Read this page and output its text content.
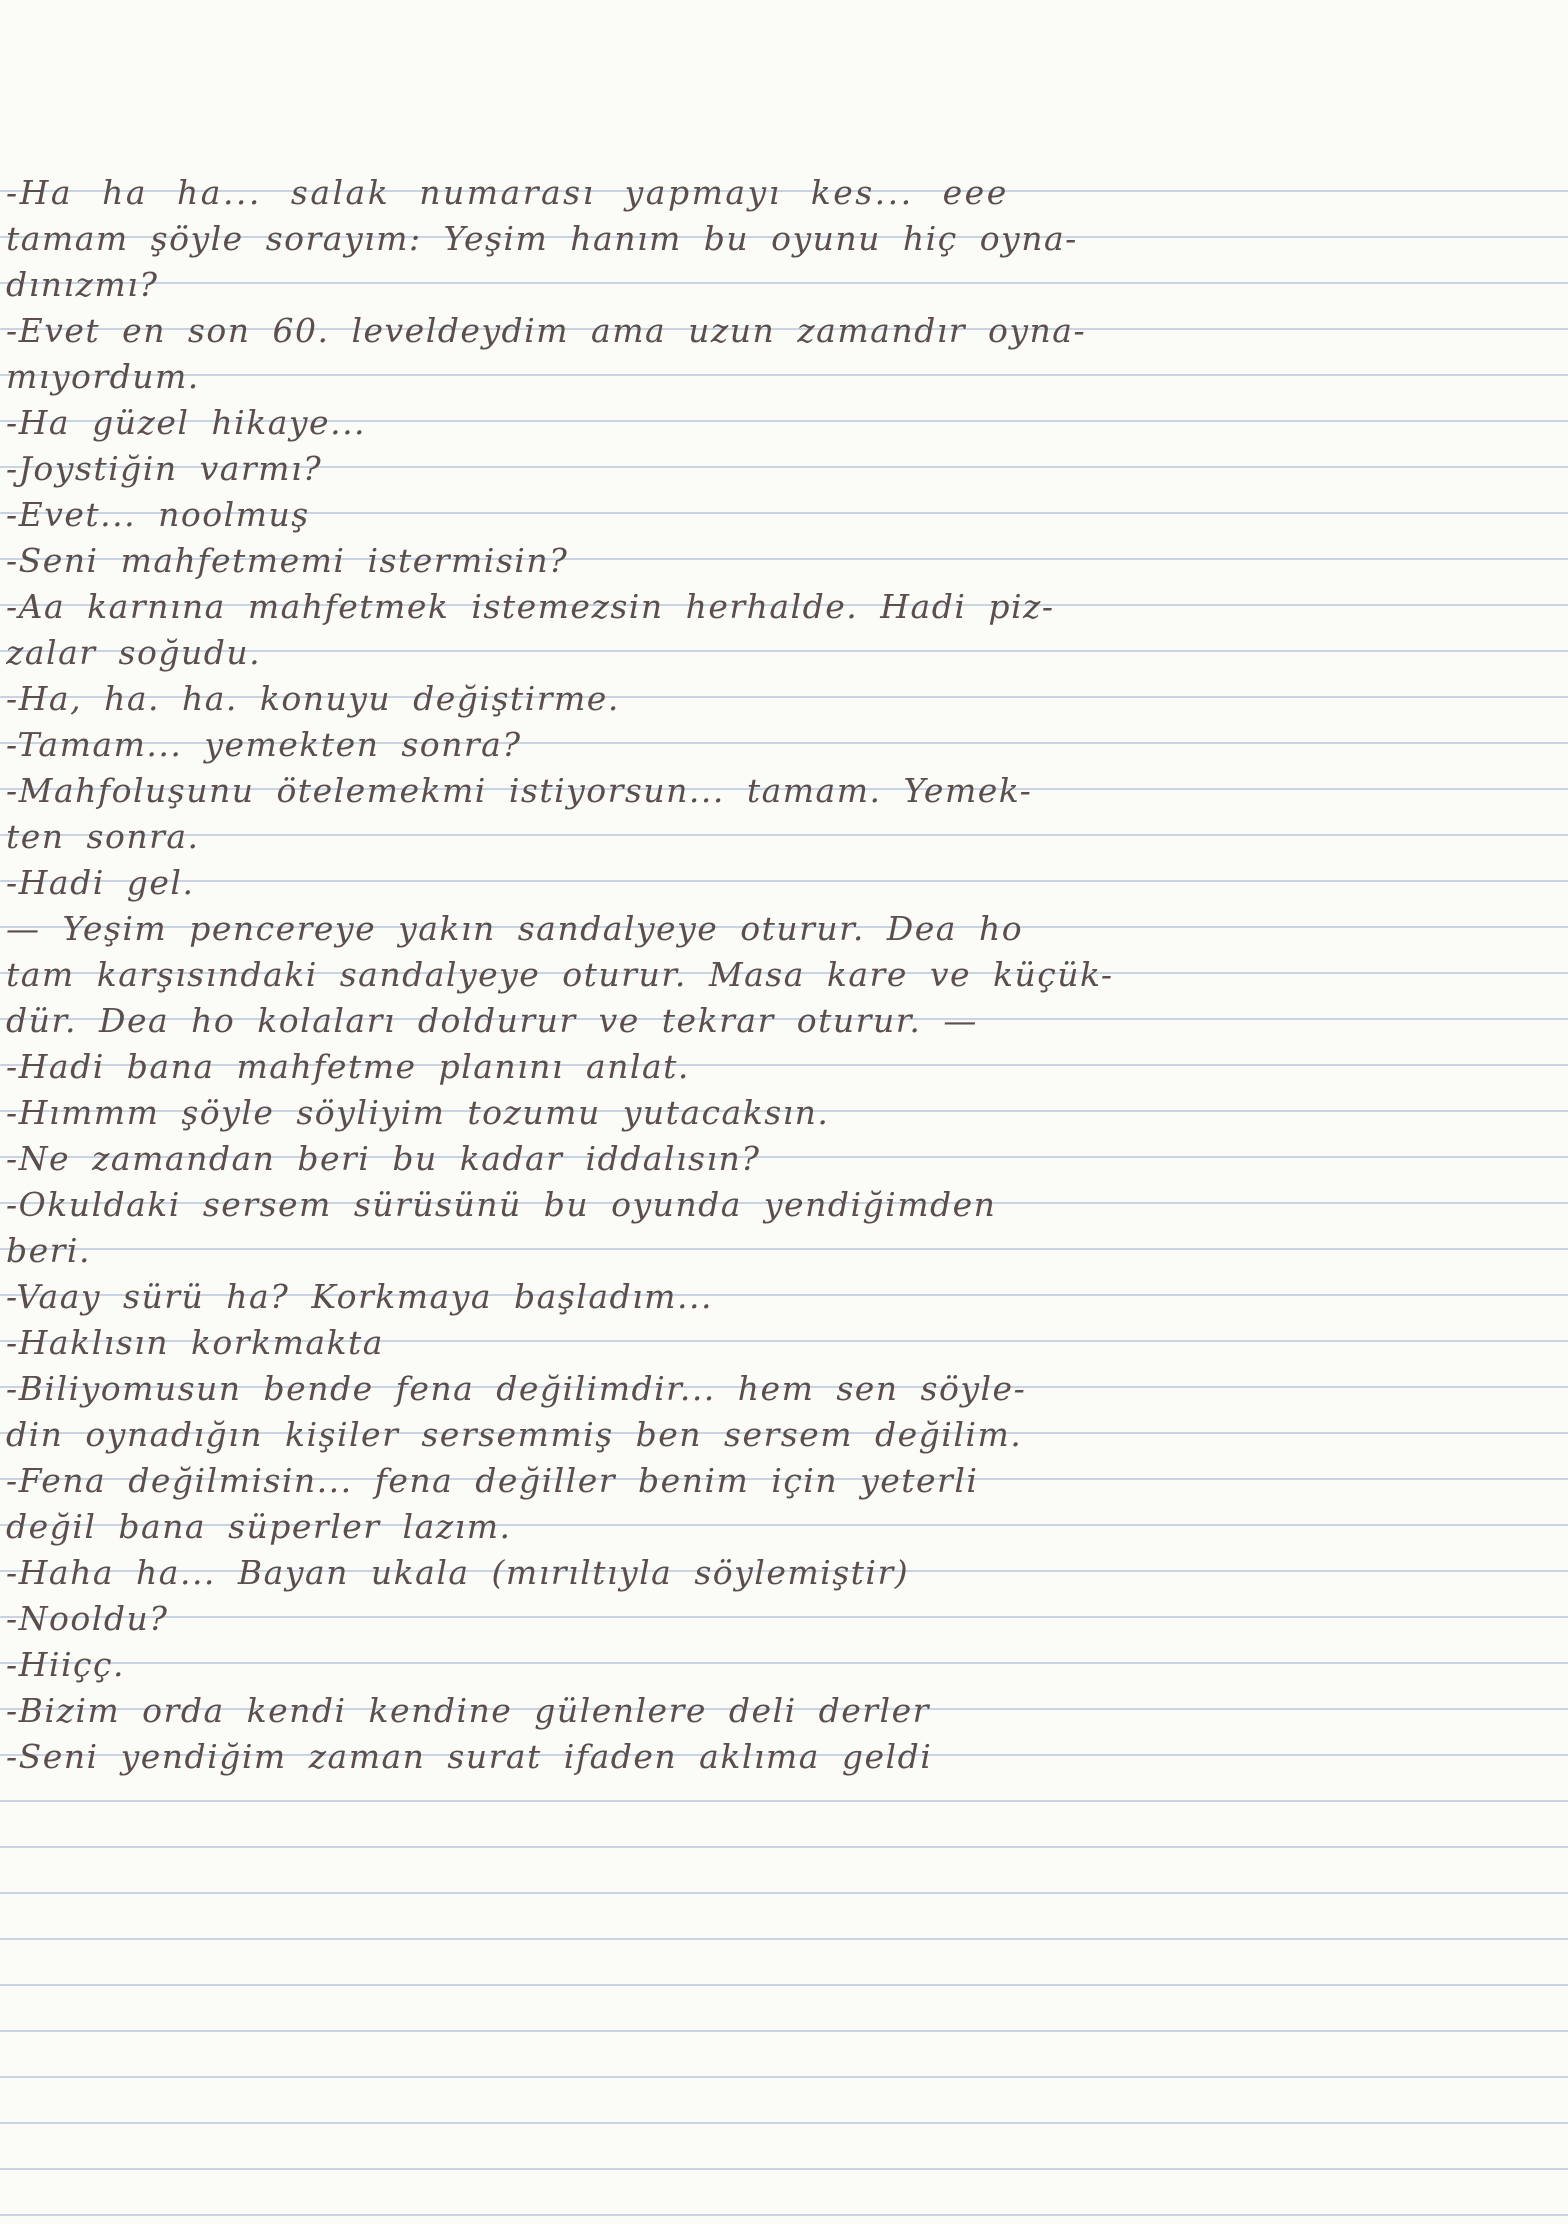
-Ha ha ha... salak numarası yapmayı kes... eee
tamam şöyle sorayım: Yeşim hanım bu oyunu hiç oyna-
dınızmı?
-Evet en son 60. leveldeydim ama uzun zamandır oyna-
mıyordum.
-Ha güzel hikaye...
-Joystiğin varmı?
-Evet... noolmuş
-Seni mahfetmemi istermisin?
-Aa karnına mahfetmek istemezsin herhalde. Hadi piz-
zalar soğudu.
-Ha, ha. ha. konuyu değiştirme.
-Tamam... yemekten sonra?
-Mahfoluşunu ötelemekmi istiyorsun... tamam. Yemek-
ten sonra.
-Hadi gel.
— Yeşim pencereye yakın sandalyeye oturur. Dea ho
tam karşısındaki sandalyeye oturur. Masa kare ve küçük-
dür. Dea ho kolaları doldurur ve tekrar oturur. —
-Hadi bana mahfetme planını anlat.
-Hımmm şöyle söyliyim tozumu yutacaksın.
-Ne zamandan beri bu kadar iddalısın?
-Okuldaki sersem sürüsünü bu oyunda yendiğimden
beri.
-Vaay sürü ha? Korkmaya başladım...
-Haklısın korkmakta
-Biliyomusun bende fena değilimdir... hem sen söyle-
din oynadığın kişiler sersemmiş ben sersem değilim.
-Fena değilmisin... fena değiller benim için yeterli
değil bana süperler lazım.
-Haha ha... Bayan ukala (mırıltıyla söylemiştir)
-Nooldu?
-Hiiçç.
-Bizim orda kendi kendine gülenlere deli derler
-Seni yendiğim zaman surat ifaden aklıma geldi
